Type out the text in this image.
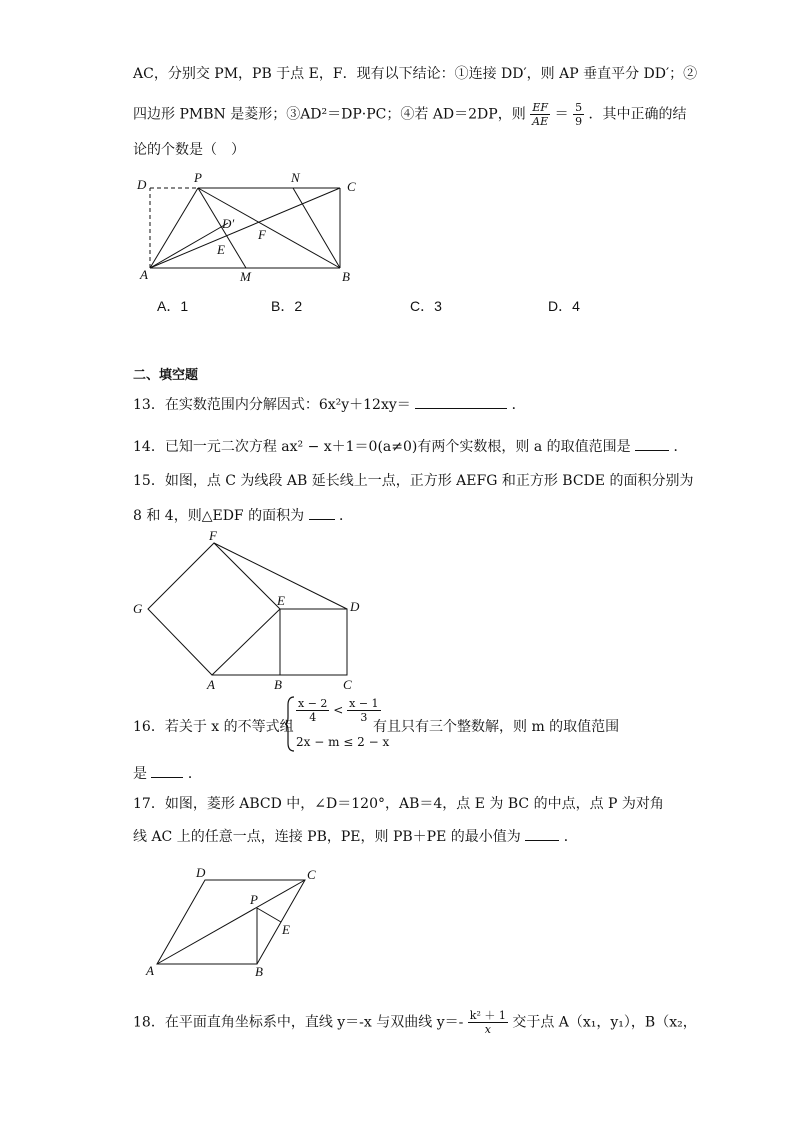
AC，分别交 PM，PB 于点 E，F．现有以下结论：①连接 DD′，则 AP 垂直平分 DD′；②
四边形 PMBN 是菱形；③AD²＝DP·PC；④若 AD＝2DP，则 $\frac{EF}{AE} = \frac{5}{9}$ ．其中正确的结
论的个数是（　）
D	P	N
C
D′
F
E
A	M	B
A．1	B．2	C．3	D．4
二、填空题
13．在实数范围内分解因式：6x²y＋12xy＝	．
14．已知一元二次方程 ax² − x＋1＝0(a≠0)有两个实数根，则 a 的取值范围是	．
15．如图，点 C 为线段 AB 延长线上一点，正方形 AEFG 和正方形 BCDE 的面积分别为
8 和 4，则△EDF 的面积为 ．
F
G
E	D
A	B	C
16．若关于 x 的不等式组
$\frac{x - 2}{4} < \frac{x - 1}{3}$
2x − m ≤ 2 − x
有且只有三个整数解，则 m 的取值范围
是	．
17．如图，菱形 ABCD 中，∠D＝120°，AB＝4，点 E 为 BC 的中点，点 P 为对角
线 AC 上的任意一点，连接 PB，PE，则 PB＋PE 的最小值为	．
D	C
P
E
A	B
18．在平面直角坐标系中，直线 y＝-x 与双曲线 $y=- \frac{\text{k² ＋ 1}}{x}$ 交于点 A（x₁，y₁），B（x₂，
